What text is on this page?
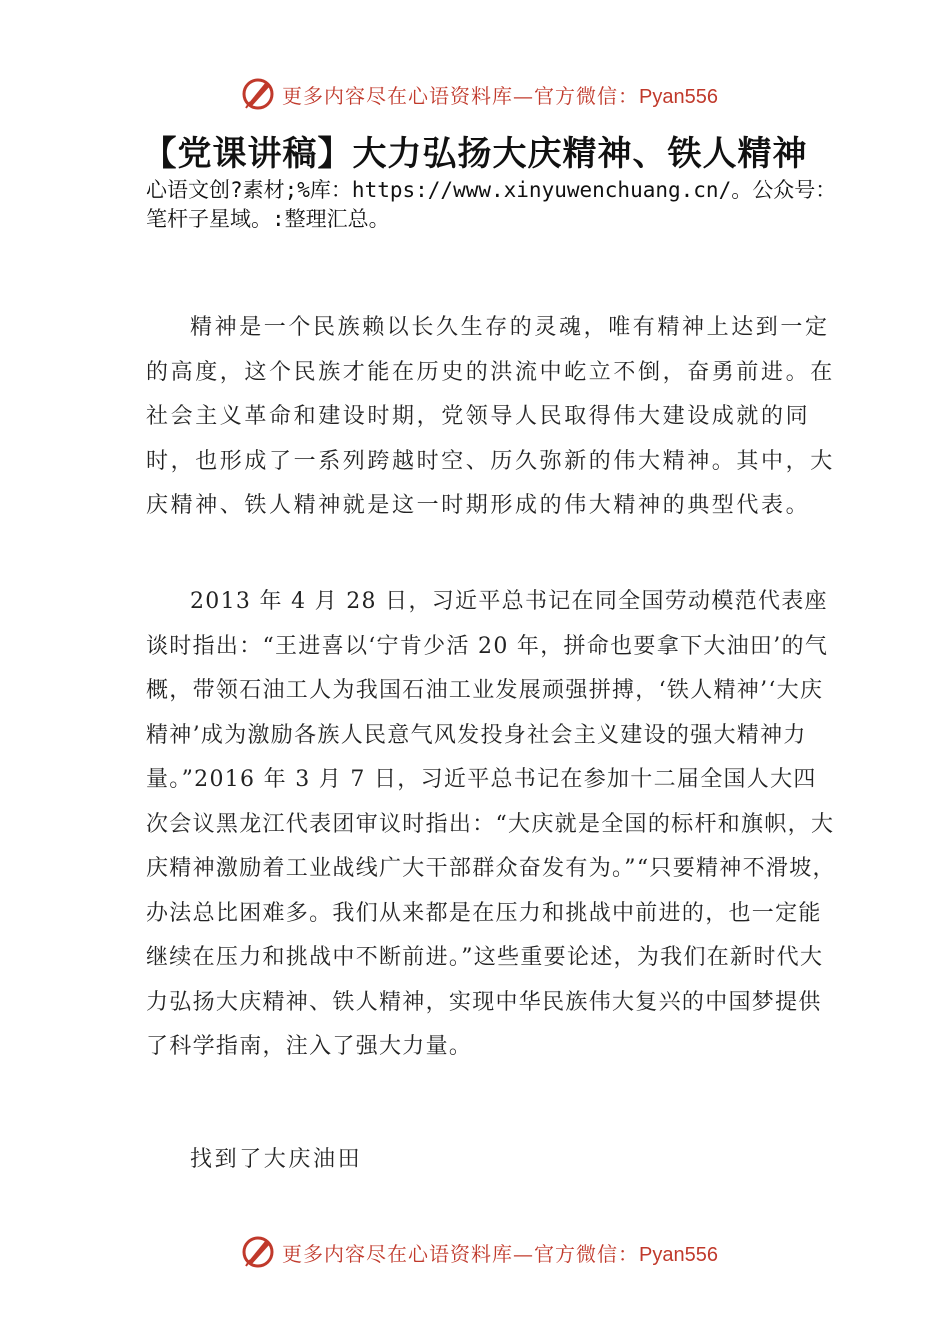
更多内容尽在心语资料库—官方微信：Pyan556
【党课讲稿】大力弘扬大庆精神、铁人精神
心语文创?素材;%库：https://www.xinyuwenchuang.cn/。公众号：笔杆子星域。:整理汇总。

精神是一个民族赖以长久生存的灵魂，唯有精神上达到一定的高度，这个民族才能在历史的洪流中屹立不倒，奋勇前进。在社会主义革命和建设时期，党领导人民取得伟大建设成就的同时，也形成了一系列跨越时空、历久弥新的伟大精神。其中，大庆精神、铁人精神就是这一时期形成的伟大精神的典型代表。

2013 年 4 月 28 日，习近平总书记在同全国劳动模范代表座谈时指出：“王进喜以‘宁肯少活 20 年，拼命也要拿下大油田’的气概，带领石油工人为我国石油工业发展顽强拼搏，‘铁人精神’‘大庆精神’成为激励各族人民意气风发投身社会主义建设的强大精神力量。”2016 年 3 月 7 日，习近平总书记在参加十二届全国人大四次会议黑龙江代表团审议时指出：“大庆就是全国的标杆和旗帜，大庆精神激励着工业战线广大干部群众奋发有为。”“只要精神不滑坡，办法总比困难多。我们从来都是在压力和挑战中前进的，也一定能继续在压力和挑战中不断前进。”这些重要论述，为我们在新时代大力弘扬大庆精神、铁人精神，实现中华民族伟大复兴的中国梦提供了科学指南，注入了强大力量。

找到了大庆油田

更多内容尽在心语资料库—官方微信：Pyan556
